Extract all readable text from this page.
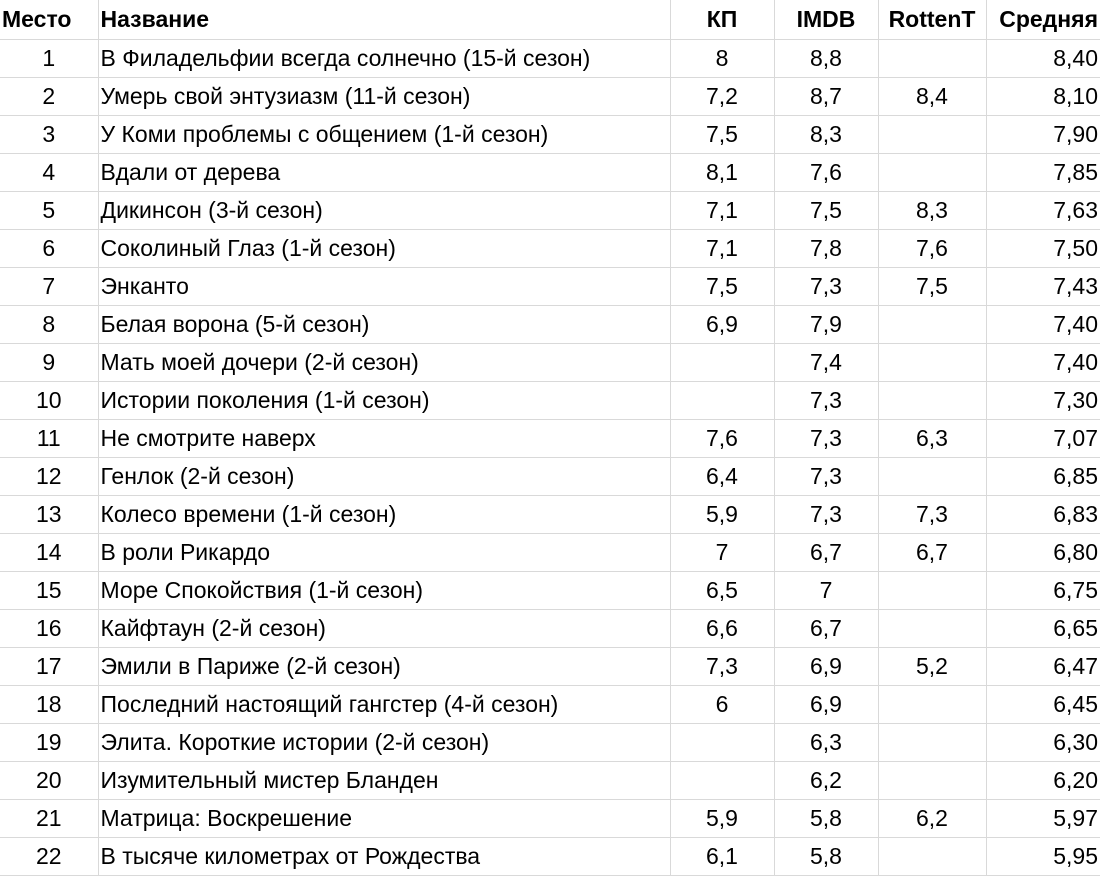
Место	Название	КП	IMDB	RottenT	Средняя
1	В Филадельфии всегда солнечно (15-й сезон)	8	8,8		8,40
2	Умерь свой энтузиазм (11-й сезон)	7,2	8,7	8,4	8,10
3	У Коми проблемы с общением (1-й сезон)	7,5	8,3		7,90
4	Вдали от дерева	8,1	7,6		7,85
5	Дикинсон (3-й сезон)	7,1	7,5	8,3	7,63
6	Соколиный Глаз (1-й сезон)	7,1	7,8	7,6	7,50
7	Энканто	7,5	7,3	7,5	7,43
8	Белая ворона (5-й сезон)	6,9	7,9		7,40
9	Мать моей дочери (2-й сезон)		7,4		7,40
10	Истории поколения (1-й сезон)		7,3		7,30
11	Не смотрите наверх	7,6	7,3	6,3	7,07
12	Генлок (2-й сезон)	6,4	7,3		6,85
13	Колесо времени (1-й сезон)	5,9	7,3	7,3	6,83
14	В роли Рикардо	7	6,7	6,7	6,80
15	Море Спокойствия (1-й сезон)	6,5	7		6,75
16	Кайфтаун (2-й сезон)	6,6	6,7		6,65
17	Эмили в Париже (2-й сезон)	7,3	6,9	5,2	6,47
18	Последний настоящий гангстер (4-й сезон)	6	6,9		6,45
19	Элита. Короткие истории (2-й сезон)		6,3		6,30
20	Изумительный мистер Бланден		6,2		6,20
21	Матрица: Воскрешение	5,9	5,8	6,2	5,97
22	В тысяче километрах от Рождества	6,1	5,8		5,95
